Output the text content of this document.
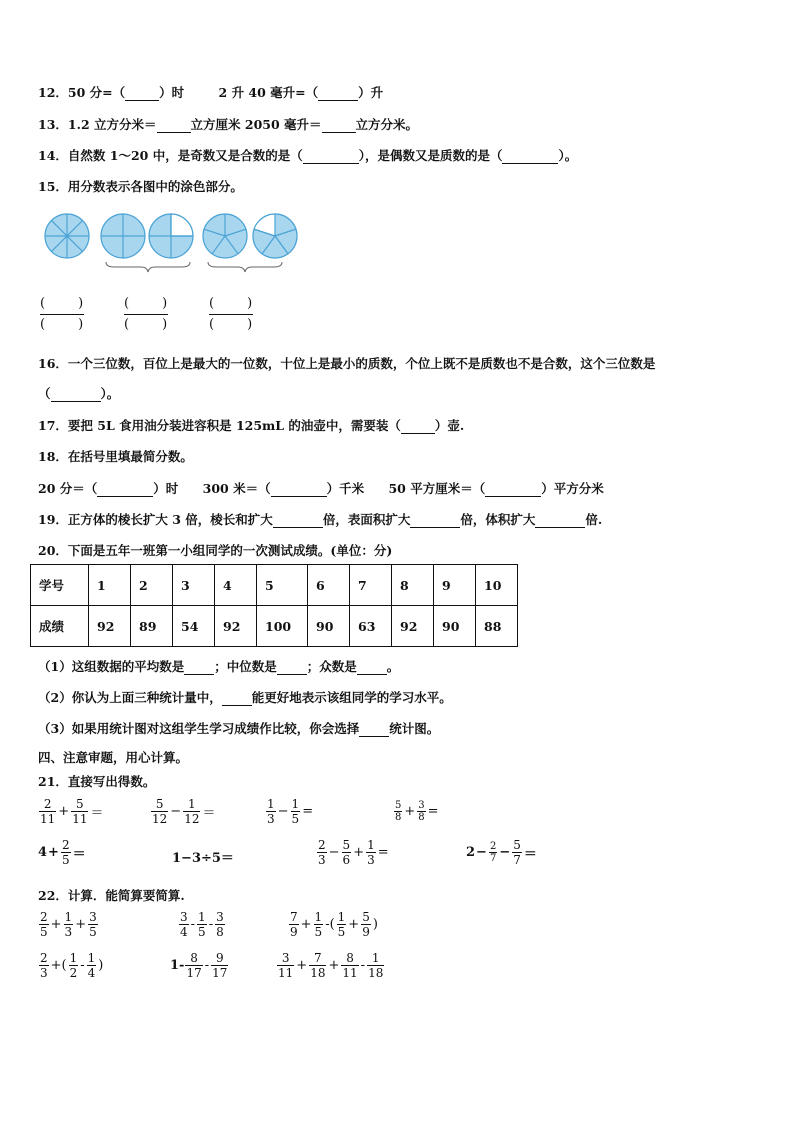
12．50 分=（	）时	2 升 40 毫升=（	）升
13．1.2 立方分米＝	立方厘米 2050 毫升＝	立方分米。
14．自然数 1～20 中，是奇数又是合数的是（	），是偶数又是质数的是（	）。
15．用分数表示各图中的涂色部分。
(	)
(	)
(	)
(	)
(	)
(	)
16．一个三位数，百位上是最大的一位数，十位上是最小的质数，个位上既不是质数也不是合数，这个三位数是
（	）。
17．要把 5L 食用油分装进容积是 125mL 的油壶中，需要装（	）壶.
18．在括号里填最简分数。
20 分＝（	）时 300 米＝（	）千米 50 平方厘米＝（	）平方分米
19．正方体的棱长扩大 3 倍，棱长和扩大	倍，表面积扩大	倍，体积扩大	倍.
20．下面是五年一班第一小组同学的一次测试成绩。(单位：分)
学号	1	2	3	4	5	6	7	8	9	10
成绩	92	89	54	92	100	90	63	92	90	88
（1）这组数据的平均数是 ；中位数是 ；众数是 。
（2）你认为上面三种统计量中， 能更好地表示该组同学的学习水平。
（3）如果用统计图对这组学生学习成绩作比较，你会选择 统计图。
四、注意审题，用心计算。
21．直接写出得数。
$\frac{2}{11} + \frac{5}{11}$ ＝	$\frac{5}{12} - \frac{1}{12}$ ＝	$\frac{1}{3} - \frac{1}{5}$ =	$\frac{5}{8} + \frac{3}{8}$ =
$4 + \frac{2}{5}$ ＝	1−3÷5＝	$\frac{2}{3} - \frac{5}{6} + \frac{1}{3}$ =	$2 - \frac{2}{7} - \frac{5}{7}$ ＝
22．计算．能简算要简算.
$\frac{2}{5} + \frac{1}{3} + \frac{3}{5}$	$\frac{3}{4} - \frac{1}{5} - \frac{3}{8}$	$\frac{7}{9} + \frac{1}{5}$ -( $\frac{1}{5} + \frac{5}{9}$ )
$\frac{2}{3}$ +( $\frac{1}{2} - \frac{1}{4}$ )	$1- \frac{8}{17} - \frac{9}{17}$	$\frac{3}{11} + \frac{7}{18} + \frac{8}{11} - \frac{1}{18}$
